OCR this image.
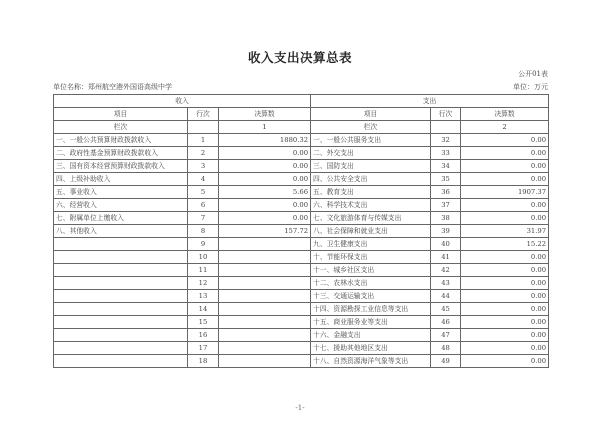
收入支出决算总表
公开01表
单位名称：郑州航空港外国语高级中学	单位：万元
收入			支出		
项目	行次	决算数	项目	行次	决算数
栏次		1	栏次		2
一、一般公共预算财政拨款收入	1	1880.32	一、一般公共服务支出	32	0.00
二、政府性基金预算财政拨款收入	2	0.00	二、外交支出	33	0.00
三、国有资本经营预算财政拨款收入	3	0.00	三、国防支出	34	0.00
四、上级补助收入	4	0.00	四、公共安全支出	35	0.00
五、事业收入	5	5.66	五、教育支出	36	1907.37
六、经营收入	6	0.00	六、科学技术支出	37	0.00
七、附属单位上缴收入	7	0.00	七、文化旅游体育与传媒支出	38	0.00
八、其他收入	8	157.72	八、社会保障和就业支出	39	31.97
	9		九、卫生健康支出	40	15.22
	10		十、节能环保支出	41	0.00
	11		十一、城乡社区支出	42	0.00
	12		十二、农林水支出	43	0.00
	13		十三、交通运输支出	44	0.00
	14		十四、资源勘探工业信息等支出	45	0.00
	15		十五、商业服务业等支出	46	0.00
	16		十六、金融支出	47	0.00
	17		十七、援助其他地区支出	48	0.00
	18		十八、自然资源海洋气象等支出	49	0.00
-1-
